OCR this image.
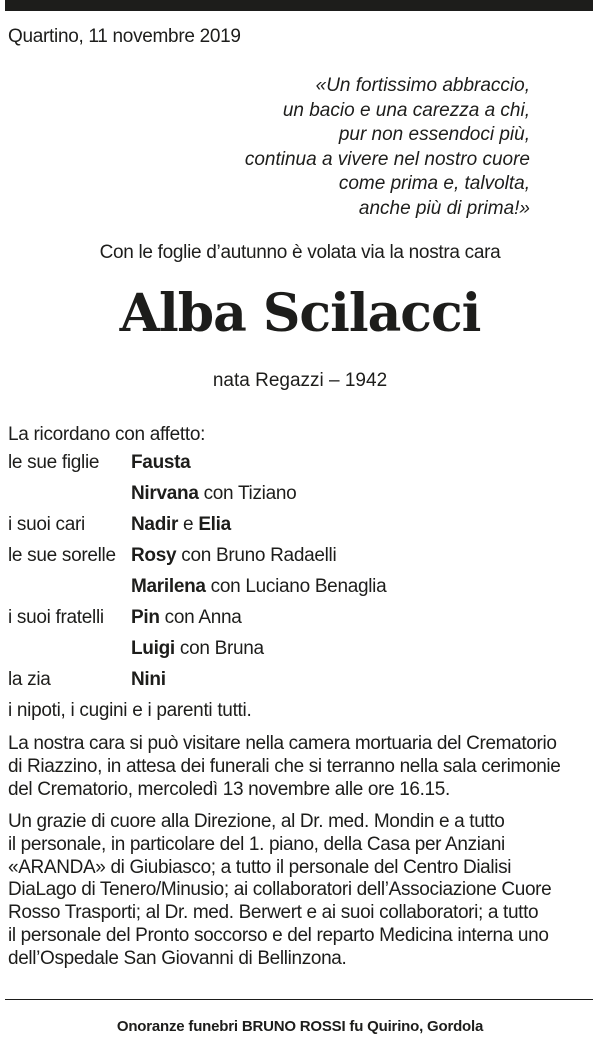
Quartino, 11 novembre 2019
«Un fortissimo abbraccio,
un bacio e una carezza a chi,
pur non essendoci più,
continua a vivere nel nostro cuore
come prima e, talvolta,
anche più di prima!»
Con le foglie d’autunno è volata via la nostra cara
Alba Scilacci
nata Regazzi – 1942
La ricordano con affetto:
le sue figlie Fausta
Nirvana con Tiziano
i suoi cari Nadir e Elia
le sue sorelle Rosy con Bruno Radaelli
Marilena con Luciano Benaglia
i suoi fratelli Pin con Anna
Luigi con Bruna
la zia	Nini
i nipoti, i cugini e i parenti tutti.
La nostra cara si può visitare nella camera mortuaria del Crematorio
di Riazzino, in attesa dei funerali che si terranno nella sala cerimonie
del Crematorio, mercoledì 13 novembre alle ore 16.15.
Un grazie di cuore alla Direzione, al Dr. med. Mondin e a tutto
il personale, in particolare del 1. piano, della Casa per Anziani
«ARANDA» di Giubiasco; a tutto il personale del Centro Dialisi
DiaLago di Tenero/Minusio; ai collaboratori dell’Associazione Cuore
Rosso Trasporti; al Dr. med. Berwert e ai suoi collaboratori; a tutto
il personale del Pronto soccorso e del reparto Medicina interna uno
dell’Ospedale San Giovanni di Bellinzona.
Onoranze funebri BRUNO ROSSI fu Quirino, Gordola
